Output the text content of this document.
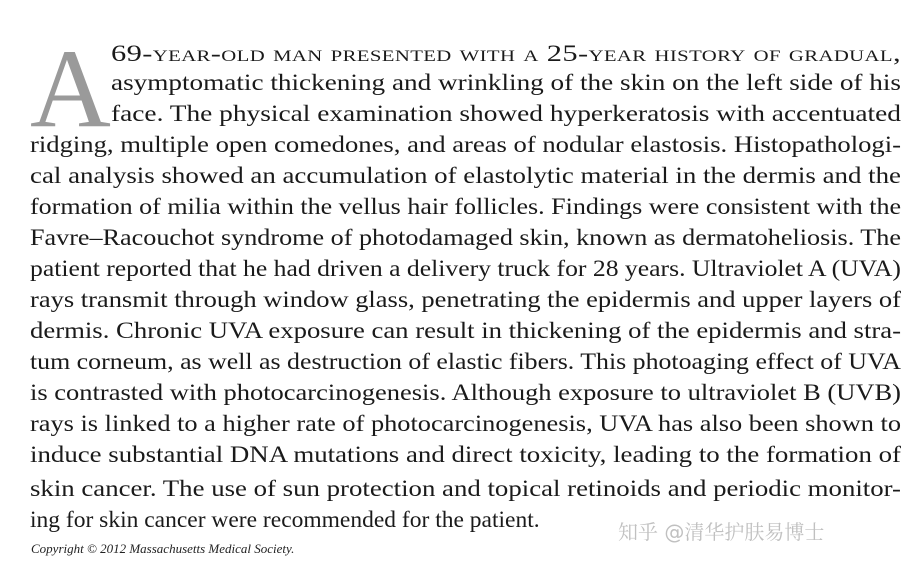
A 69-year-old man presented with a 25-year history of gradual,

asymptomatic thickening and wrinkling of the skin on the left side of his

face. The physical examination showed hyperkeratosis with accentuated

ridging, multiple open comedones, and areas of nodular elastosis. Histopathologi-

cal analysis showed an accumulation of elastolytic material in the dermis and the

formation of milia within the vellus hair follicles. Findings were consistent with the

Favre–Racouchot syndrome of photodamaged skin, known as dermatoheliosis. The

patient reported that he had driven a delivery truck for 28 years. Ultraviolet A (UVA)

rays transmit through window glass, penetrating the epidermis and upper layers of

dermis. Chronic UVA exposure can result in thickening of the epidermis and stra-

tum corneum, as well as destruction of elastic fibers. This photoaging effect of UVA

is contrasted with photocarcinogenesis. Although exposure to ultraviolet B (UVB)

rays is linked to a higher rate of photocarcinogenesis, UVA has also been shown to

induce substantial DNA mutations and direct toxicity, leading to the formation of

skin cancer. The use of sun protection and topical retinoids and periodic monitor-

ing for skin cancer were recommended for the patient.	知乎 @清华护肤易博士
Copyright © 2012 Massachusetts Medical Society.
